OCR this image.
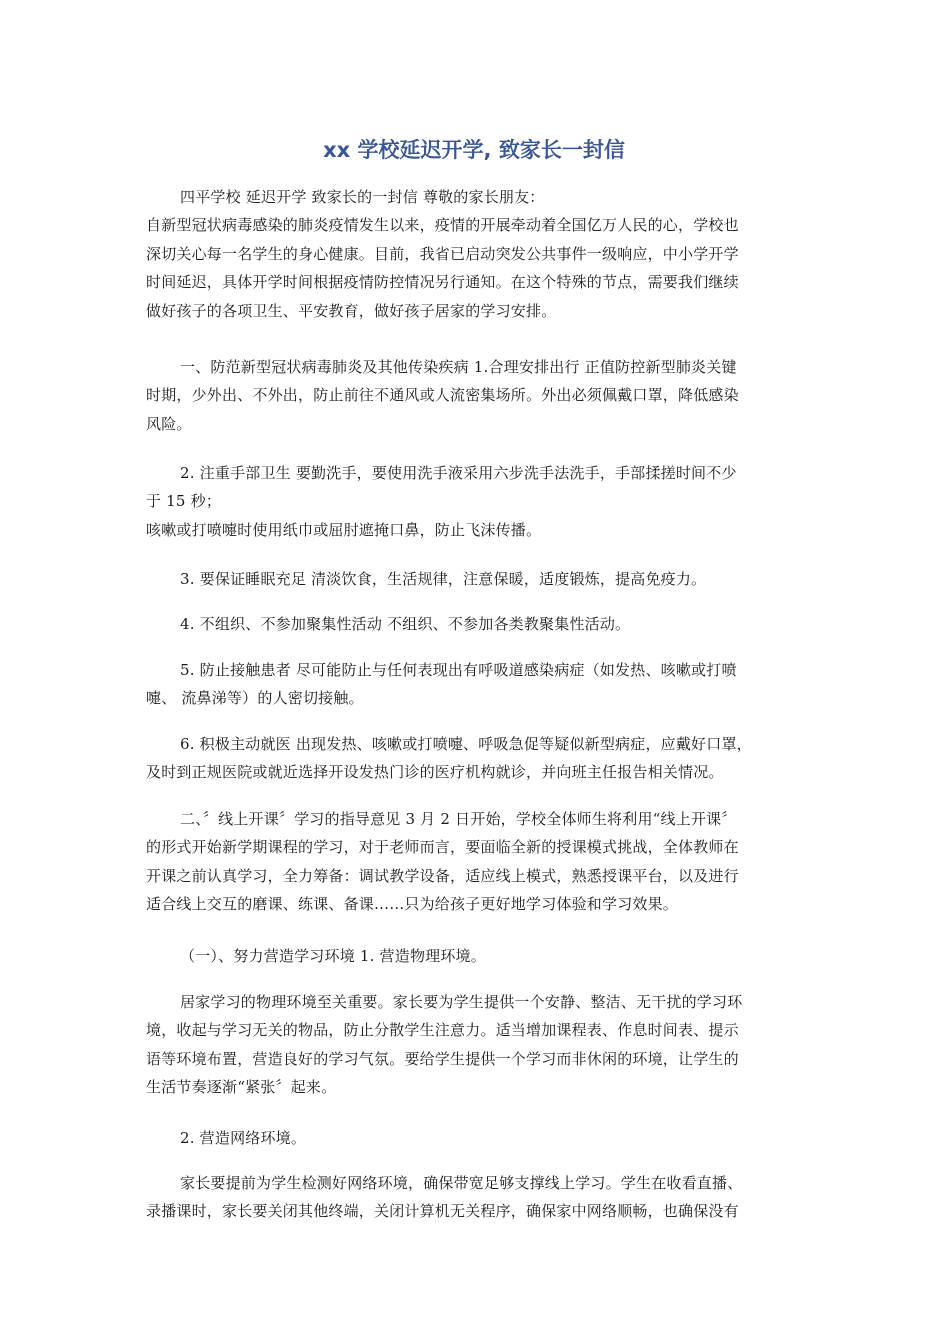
xx 学校延迟开学, 致家长一封信

四平学校 延迟开学 致家长的一封信 尊敬的家长朋友：
自新型冠状病毒感染的肺炎疫情发生以来，疫情的开展牵动着全国亿万人民的心，学校也
深切关心每一名学生的身心健康。目前，我省已启动突发公共事件一级响应，中小学开学
时间延迟，具体开学时间根据疫情防控情况另行通知。在这个特殊的节点，需要我们继续
做好孩子的各项卫生、平安教育，做好孩子居家的学习安排。

一、防范新型冠状病毒肺炎及其他传染疾病 1.合理安排出行 正值防控新型肺炎关键
时期，少外出、不外出，防止前往不通风或人流密集场所。外出必须佩戴口罩，降低感染
风险。

2. 注重手部卫生 要勤洗手，要使用洗手液采用六步洗手法洗手，手部揉搓时间不少
于 15 秒；
咳嗽或打喷嚏时使用纸巾或屈肘遮掩口鼻，防止飞沫传播。

3. 要保证睡眠充足 清淡饮食，生活规律，注意保暖，适度锻炼，提高免疫力。

4. 不组织、不参加聚集性活动 不组织、不参加各类教聚集性活动。

5. 防止接触患者 尽可能防止与任何表现出有呼吸道感染病症（如发热、咳嗽或打喷
嚏、 流鼻涕等）的人密切接触。

6. 积极主动就医 出现发热、咳嗽或打喷嚏、呼吸急促等疑似新型病症，应戴好口罩，
及时到正规医院或就近选择开设发热门诊的医疗机构就诊，并向班主任报告相关情况。

二、〞线上开课〞学习的指导意见 3 月 2 日开始，学校全体师生将利用“线上开课〞
的形式开始新学期课程的学习，对于老师而言，要面临全新的授课模式挑战，全体教师在
开课之前认真学习，全力筹备：调试教学设备，适应线上模式，熟悉授课平台，以及进行
适合线上交互的磨课、练课、备课……只为给孩子更好地学习体验和学习效果。

（一）、努力营造学习环境 1. 营造物理环境。

居家学习的物理环境至关重要。家长要为学生提供一个安静、整洁、无干扰的学习环
境，收起与学习无关的物品，防止分散学生注意力。适当增加课程表、作息时间表、提示
语等环境布置，营造良好的学习气氛。要给学生提供一个学习而非休闲的环境，让学生的
生活节奏逐渐“紧张〞起来。

2. 营造网络环境。

家长要提前为学生检测好网络环境，确保带宽足够支撑线上学习。学生在收看直播、
录播课时，家长要关闭其他终端，关闭计算机无关程序，确保家中网络顺畅，也确保没有
